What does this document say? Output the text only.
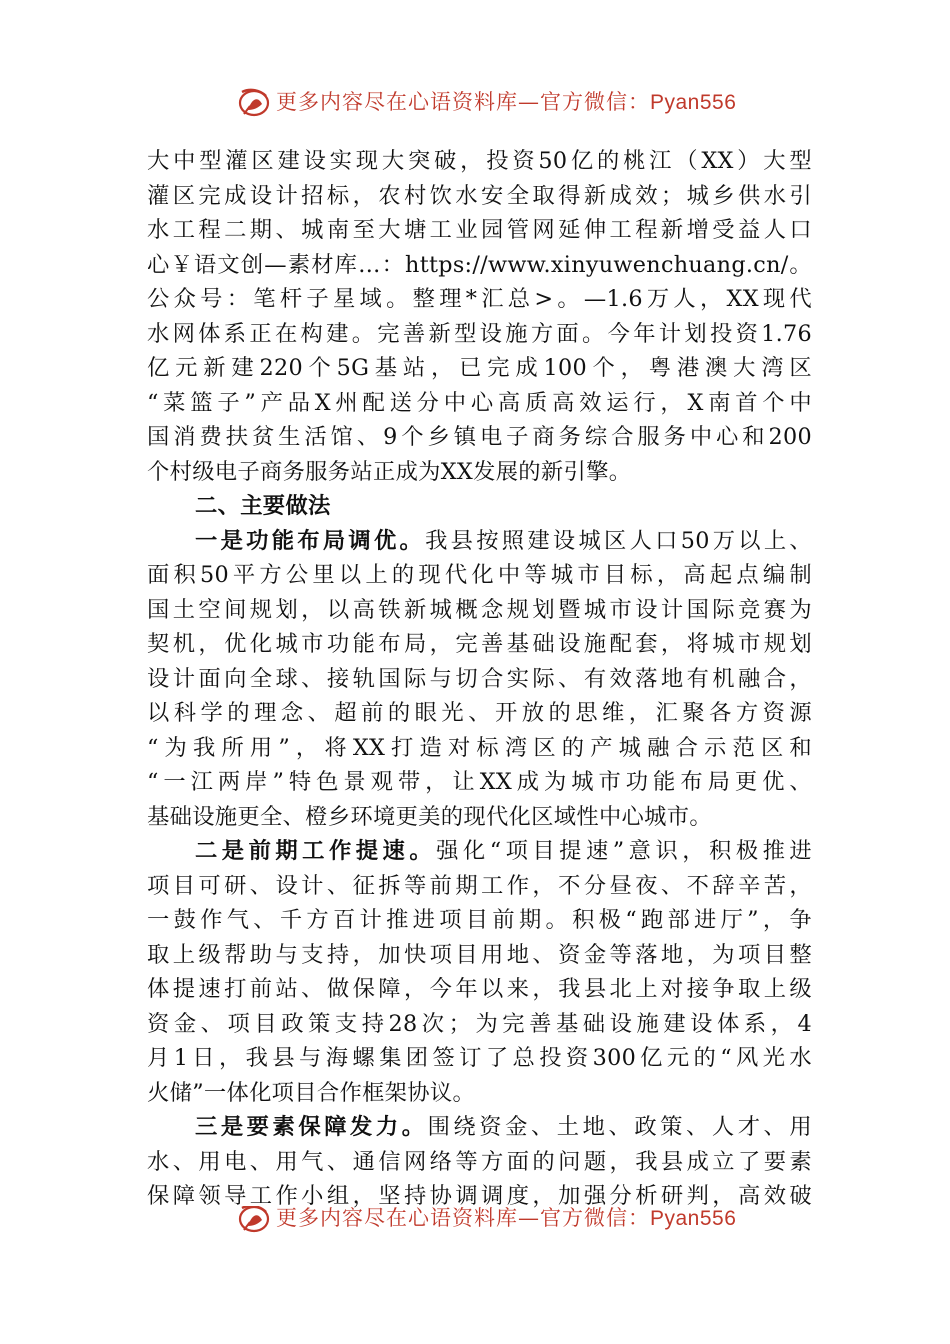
更多内容尽在心语资料库—官方微信：Pyan556
大中型灌区建设实现大突破，投资50亿的桃江（XX）大型
灌区完成设计招标，农村饮水安全取得新成效；城乡供水引
水工程二期、城南至大塘工业园管网延伸工程新增受益人口
心￥语文创—素材库…：https://www.xinyuwenchuang.cn/。
公众号：笔杆子星域。整理*汇总>。—1.6万人，XX现代
水网体系正在构建。完善新型设施方面。今年计划投资1.76
亿元新建220个5G基站，已完成100个，粤港澳大湾区
“菜篮子”产品X州配送分中心高质高效运行，X南首个中
国消费扶贫生活馆、9个乡镇电子商务综合服务中心和200
个村级电子商务服务站正成为XX发展的新引擎。
二、主要做法
一是功能布局调优。我县按照建设城区人口50万以上、
面积50平方公里以上的现代化中等城市目标，高起点编制
国土空间规划，以高铁新城概念规划暨城市设计国际竞赛为
契机，优化城市功能布局，完善基础设施配套，将城市规划
设计面向全球、接轨国际与切合实际、有效落地有机融合，
以科学的理念、超前的眼光、开放的思维，汇聚各方资源
“为我所用”，将XX打造对标湾区的产城融合示范区和
“一江两岸”特色景观带，让XX成为城市功能布局更优、
基础设施更全、橙乡环境更美的现代化区域性中心城市。
二是前期工作提速。强化“项目提速”意识，积极推进
项目可研、设计、征拆等前期工作，不分昼夜、不辞辛苦，
一鼓作气、千方百计推进项目前期。积极“跑部进厅”，争
取上级帮助与支持，加快项目用地、资金等落地，为项目整
体提速打前站、做保障，今年以来，我县北上对接争取上级
资金、项目政策支持28次；为完善基础设施建设体系，4
月1日，我县与海螺集团签订了总投资300亿元的“风光水
火储”一体化项目合作框架协议。
三是要素保障发力。围绕资金、土地、政策、人才、用
水、用电、用气、通信网络等方面的问题，我县成立了要素
保障领导工作小组，坚持协调调度，加强分析研判，高效破
更多内容尽在心语资料库—官方微信：Pyan556
